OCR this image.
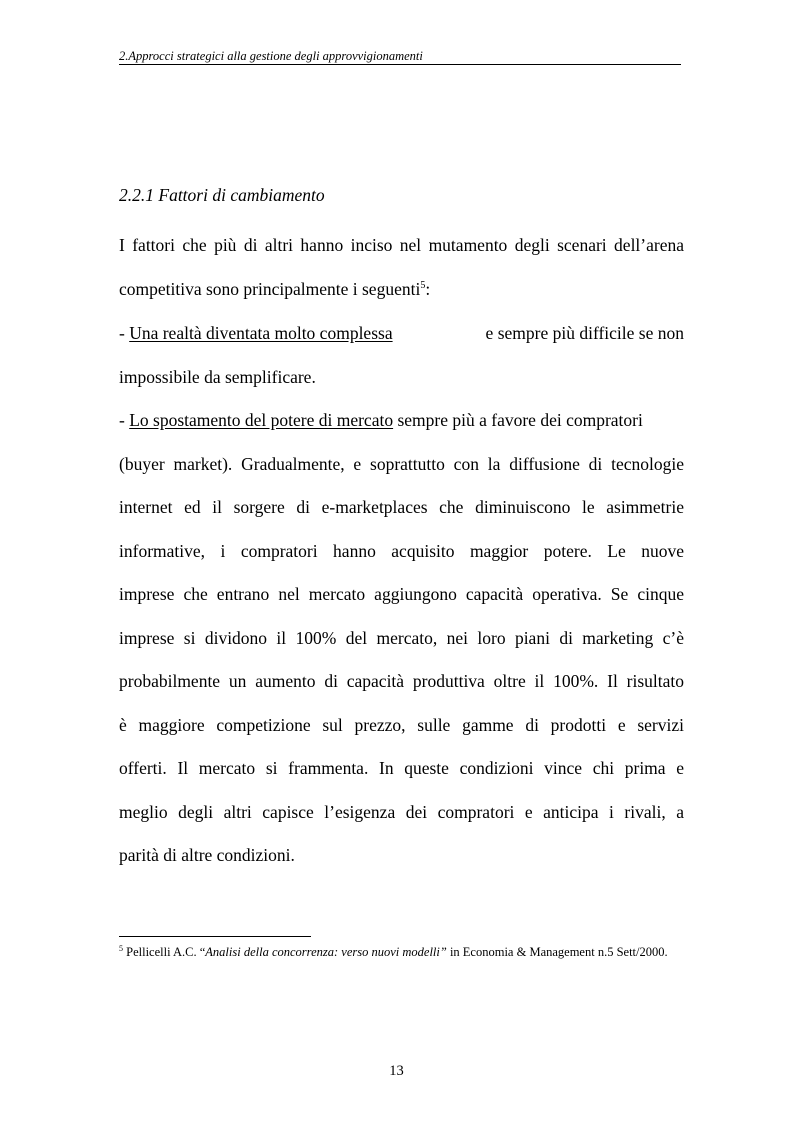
2.Approcci strategici alla gestione degli approvvigionamenti
2.2.1 Fattori di cambiamento
I fattori che più di altri hanno inciso nel mutamento degli scenari dell’arena
competitiva sono principalmente i seguenti$^5$:
- Una realtà diventata molto complessa	e sempre più difficile se non
impossibile da semplificare.
- Lo spostamento del potere di mercato sempre più a favore dei compratori
(buyer market). Gradualmente, e soprattutto con la diffusione di tecnologie
internet ed il sorgere di e-marketplaces che diminuiscono le asimmetrie
informative, i compratori hanno acquisito maggior potere. Le nuove
imprese che entrano nel mercato aggiungono capacità operativa. Se cinque
imprese si dividono il 100% del mercato, nei loro piani di marketing c’è
probabilmente un aumento di capacità produttiva oltre il 100%. Il risultato
è maggiore competizione sul prezzo, sulle gamme di prodotti e servizi
offerti. Il mercato si frammenta. In queste condizioni vince chi prima e
meglio degli altri capisce l’esigenza dei compratori e anticipa i rivali, a
parità di altre condizioni.
$^5$ Pellicelli A.C. “Analisi della concorrenza: verso nuovi modelli” in Economia & Management n.5 Sett/2000.
13
